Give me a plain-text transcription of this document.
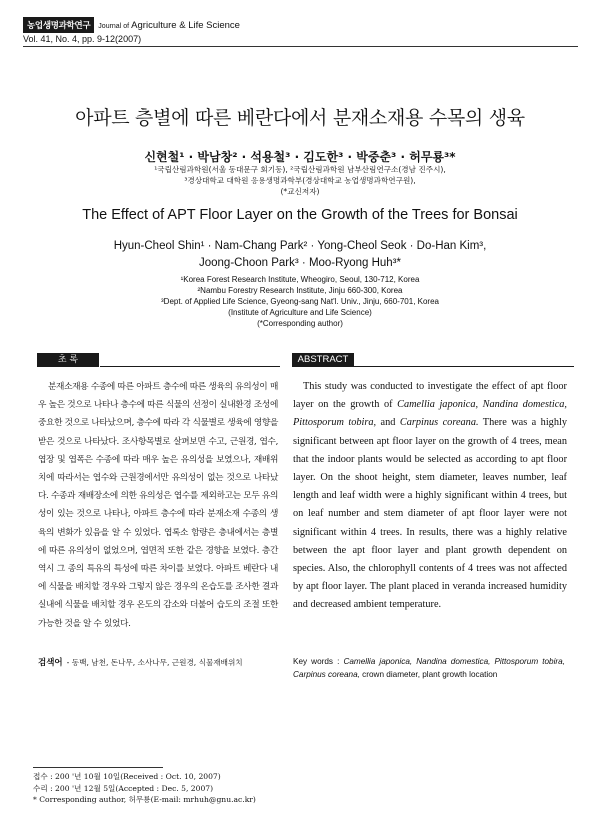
농업생명과학연구	Journal of Agriculture & Life Science
Vol. 41, No. 4, pp. 9-12(2007)
아파트 층별에 따른 베란다에서 분재소재용 수목의 생육
신현철¹ · 박남창² · 석용철³ · 김도한³ · 박중춘³ · 허무룡³*
¹국립산림과학원(서울 동대문구 회기동), ²국립산림과학원 남부산림연구소(경남 진주시),
³경상대학교 대학원 응용생명과학부(경상대학교 농업생명과학연구원),
(*교신저자)
The Effect of APT Floor Layer on the Growth of the Trees for Bonsai
Hyun-Cheol Shin¹ · Nam-Chang Park² · Yong-Cheol Seok · Do-Han Kim³,
Joong-Choon Park³ · Moo-Ryong Huh³*
¹Korea Forest Research Institute, Wheogiro, Seoul, 130-712, Korea
²Nambu Forestry Research Institute, Jinju 660-300, Korea
³Dept. of Applied Life Science, Gyeong-sang Nat'l. Univ., Jinju, 660-701, Korea
(Institute of Agriculture and Life Science)
(*Corresponding author)
초 록	ABSTRACT

분재소재용 수종에 따른 아파트 층수에 따른 생육의 유의성이 매우 높은 것으로 나타나 층수에 따른 식물의 선정이 실내환경 조성에 중요한 것으로 나타났으며, 층수에 따라 각 식물별로 생육에 영향을 받은 것으로 나타났다. 조사항목별로 살펴보면 수고, 근원경, 엽수, 엽장 및 엽폭은 수종에 따라 매우 높은 유의성을 보였으나, 재배위치에 따라서는 엽수와 근원경에서만 유의성이 없는 것으로 나타났다. 수종과 재배장소에 의한 유의성은 엽수를 제외하고는 모두 유의성이 있는 것으로 나타나, 아파트 층수에 따라 분재소재 수종의 생육의 변화가 있음을 알 수 있었다. 엽록소 함량은 층내에서는 층별에 따른 유의성이 없었으며, 엽면적 또한 같은 경향을 보였다. 층간역시 그 종의 특유의 특성에 따른 차이를 보였다. 아파트 베란다 내에 식물을 배치할 경우와 그렇지 않은 경우의 온습도를 조사한 결과 실내에 식물을 배치할 경우 온도의 감소와 더불어 습도의 조절 또한 가능한 것을 알 수 있었다.

검색어 - 동백, 남천, 돈나무, 소사나무, 근원경, 식물재배위치

This study was conducted to investigate the effect of apt floor layer on the growth of Camellia japonica, Nandina domestica, Pittosporum tobira, and Carpinus coreana. There was a highly significant between apt floor layer on the growth of 4 trees, mean that the indoor plants would be selected as according to apt floor layer. On the shoot height, stem diameter, leaves number, leaf length and leaf width were a highly significant within 4 trees, but on leaf number and stem diameter of apt floor layer were not significant within 4 trees. In results, there was a highly relative between the apt floor layer and plant growth dependent on species. Also, the chlorophyll contents of 4 trees was not affected by apt floor layer. The plant placed in veranda increased humidity and decreased ambient temperature.

Key words : Camellia japonica, Nandina domestica, Pittosporum tobira, Carpinus coreana, crown diameter, plant growth location
접수 : 200 '년 10월 10일(Received : Oct. 10, 2007)
수리 : 200 '년 12월 5일(Accepted : Dec. 5, 2007)
* Corresponding author, 허무룡(E-mail: mrhuh@gnu.ac.kr)
